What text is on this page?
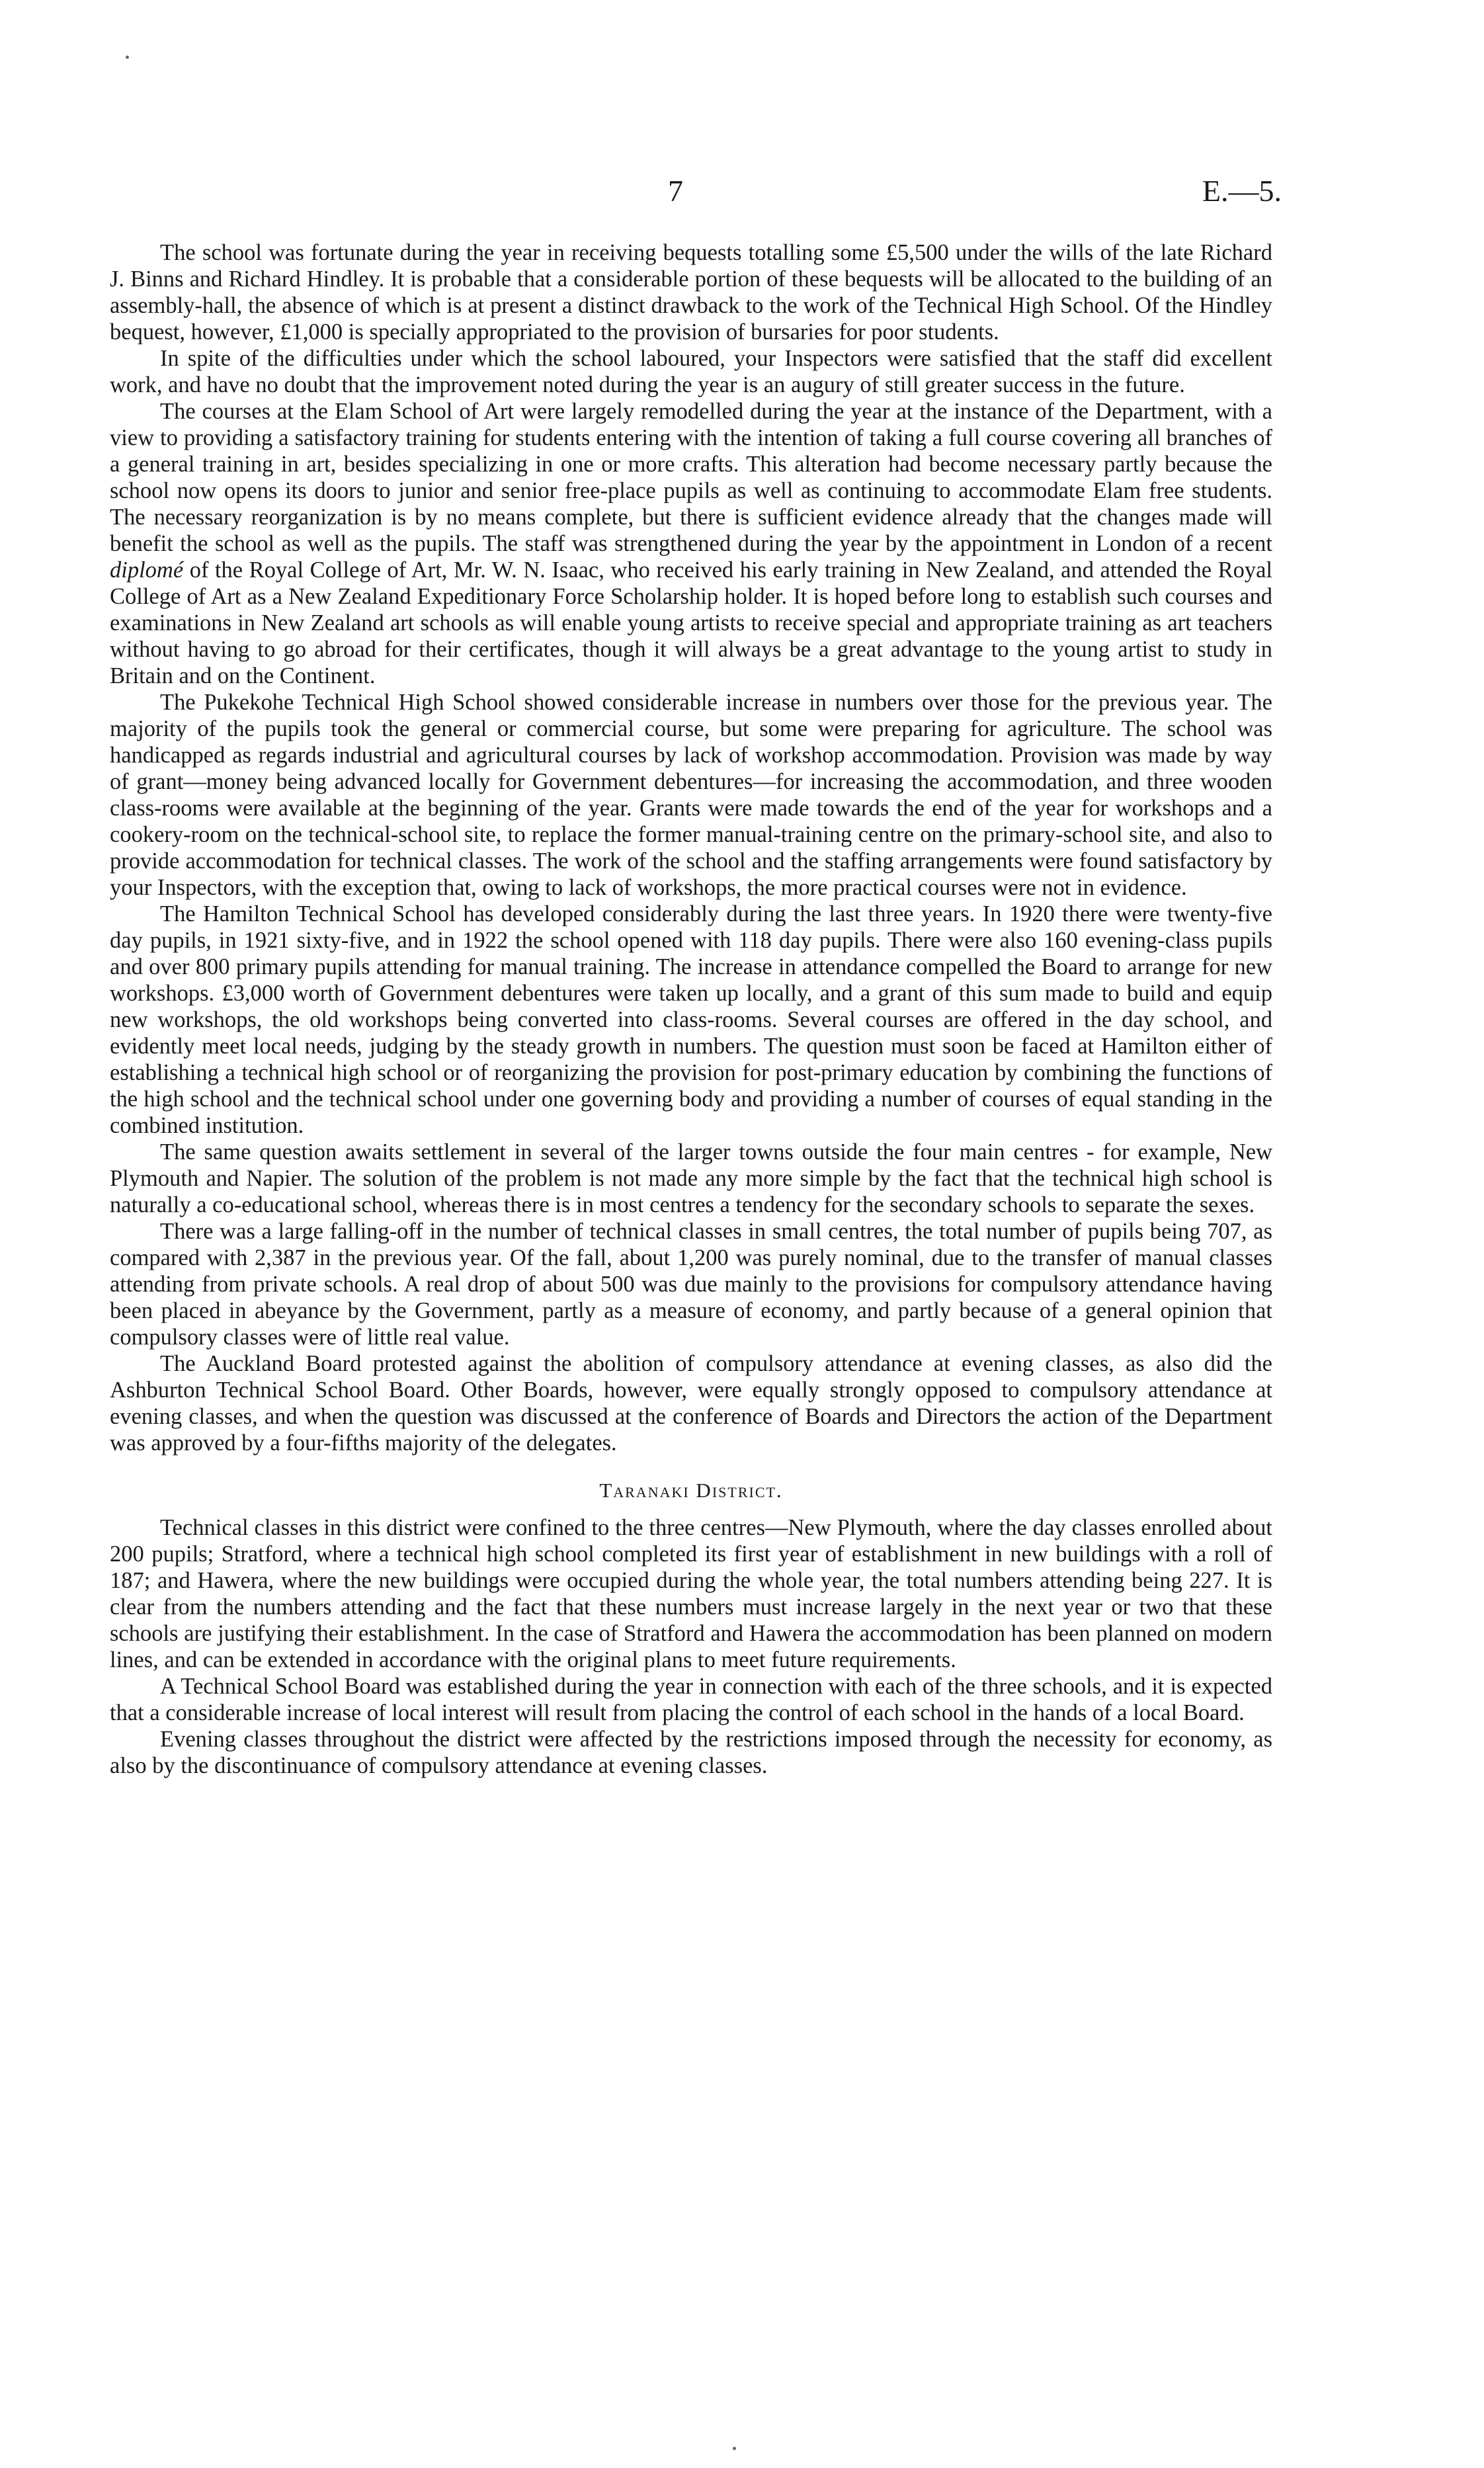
7	E.—5.

The school was fortunate during the year in receiving bequests totalling some £5,500 under the wills of the late Richard J. Binns and Richard Hindley. It is probable that a considerable portion of these bequests will be allocated to the building of an assembly-hall, the absence of which is at present a distinct drawback to the work of the Technical High School. Of the Hindley bequest, however, £1,000 is specially appropriated to the provision of bursaries for poor students.

In spite of the difficulties under which the school laboured, your Inspectors were satisfied that the staff did excellent work, and have no doubt that the improvement noted during the year is an augury of still greater success in the future.

The courses at the Elam School of Art were largely remodelled during the year at the instance of the Department, with a view to providing a satisfactory training for students entering with the intention of taking a full course covering all branches of a general training in art, besides specializing in one or more crafts. This alteration had become necessary partly because the school now opens its doors to junior and senior free-place pupils as well as continuing to accommodate Elam free students. The necessary reorganization is by no means complete, but there is sufficient evidence already that the changes made will benefit the school as well as the pupils. The staff was strengthened during the year by the appointment in London of a recent diplomé of the Royal College of Art, Mr. W. N. Isaac, who received his early training in New Zealand, and attended the Royal College of Art as a New Zealand Expeditionary Force Scholarship holder. It is hoped before long to establish such courses and examinations in New Zealand art schools as will enable young artists to receive special and appropriate training as art teachers without having to go abroad for their certificates, though it will always be a great advantage to the young artist to study in Britain and on the Continent.

The Pukekohe Technical High School showed considerable increase in numbers over those for the previous year. The majority of the pupils took the general or commercial course, but some were preparing for agriculture. The school was handicapped as regards industrial and agricultural courses by lack of workshop accommodation. Provision was made by way of grant—money being advanced locally for Government debentures—for increasing the accommodation, and three wooden class-rooms were available at the beginning of the year. Grants were made towards the end of the year for workshops and a cookery-room on the technical-school site, to replace the former manual-training centre on the primary-school site, and also to provide accommodation for technical classes. The work of the school and the staffing arrangements were found satisfactory by your Inspectors, with the exception that, owing to lack of workshops, the more practical courses were not in evidence.

The Hamilton Technical School has developed considerably during the last three years. In 1920 there were twenty-five day pupils, in 1921 sixty-five, and in 1922 the school opened with 118 day pupils. There were also 160 evening-class pupils and over 800 primary pupils attending for manual training. The increase in attendance compelled the Board to arrange for new workshops. £3,000 worth of Government debentures were taken up locally, and a grant of this sum made to build and equip new workshops, the old workshops being converted into class-rooms. Several courses are offered in the day school, and evidently meet local needs, judging by the steady growth in numbers. The question must soon be faced at Hamilton either of establishing a technical high school or of reorganizing the provision for post-primary education by combining the functions of the high school and the technical school under one governing body and providing a number of courses of equal standing in the combined institution.

The same question awaits settlement in several of the larger towns outside the four main centres - for example, New Plymouth and Napier. The solution of the problem is not made any more simple by the fact that the technical high school is naturally a co-educational school, whereas there is in most centres a tendency for the secondary schools to separate the sexes.

There was a large falling-off in the number of technical classes in small centres, the total number of pupils being 707, as compared with 2,387 in the previous year. Of the fall, about 1,200 was purely nominal, due to the transfer of manual classes attending from private schools. A real drop of about 500 was due mainly to the provisions for compulsory attendance having been placed in abeyance by the Government, partly as a measure of economy, and partly because of a general opinion that compulsory classes were of little real value.

The Auckland Board protested against the abolition of compulsory attendance at evening classes, as also did the Ashburton Technical School Board. Other Boards, however, were equally strongly opposed to compulsory attendance at evening classes, and when the question was discussed at the conference of Boards and Directors the action of the Department was approved by a four-fifths majority of the delegates.

Taranaki District.

Technical classes in this district were confined to the three centres—New Plymouth, where the day classes enrolled about 200 pupils; Stratford, where a technical high school completed its first year of establishment in new buildings with a roll of 187; and Hawera, where the new buildings were occupied during the whole year, the total numbers attending being 227. It is clear from the numbers attending and the fact that these numbers must increase largely in the next year or two that these schools are justifying their establishment. In the case of Stratford and Hawera the accommodation has been planned on modern lines, and can be extended in accordance with the original plans to meet future requirements.

A Technical School Board was established during the year in connection with each of the three schools, and it is expected that a considerable increase of local interest will result from placing the control of each school in the hands of a local Board.

Evening classes throughout the district were affected by the restrictions imposed through the necessity for economy, as also by the discontinuance of compulsory attendance at evening classes.
